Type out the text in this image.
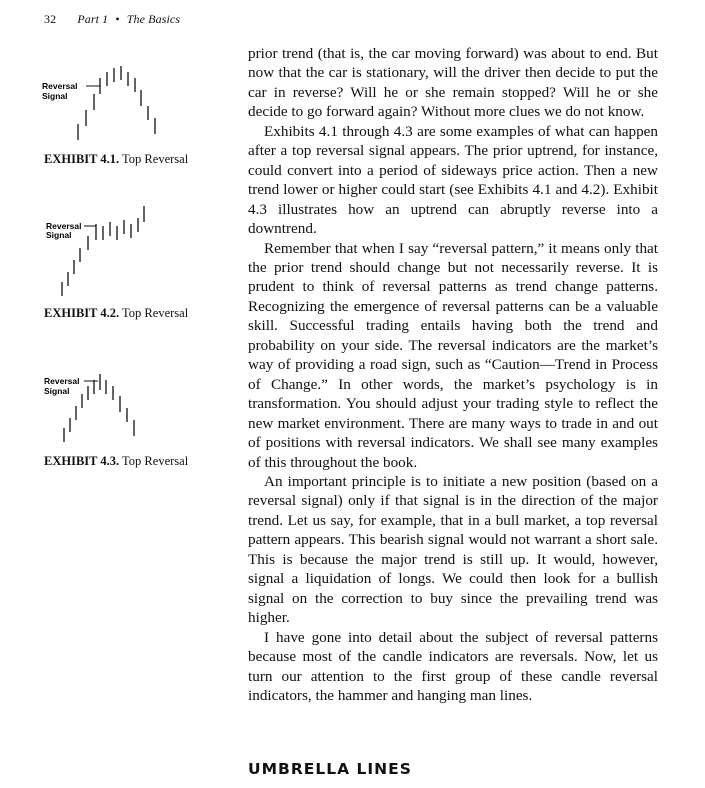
32 Part 1 • The Basics
Reversal
Signal
EXHIBIT 4.1. Top Reversal
Reversal
Signal
EXHIBIT 4.2. Top Reversal
Reversal
Signal
EXHIBIT 4.3. Top Reversal

prior trend (that is, the car moving forward) was about to end. But now that the car is stationary, will the driver then decide to put the car in reverse? Will he or she remain stopped? Will he or she decide to go forward again? Without more clues we do not know.

Exhibits 4.1 through 4.3 are some examples of what can happen after a top reversal signal appears. The prior uptrend, for instance, could convert into a period of sideways price action. Then a new trend lower or higher could start (see Exhibits 4.1 and 4.2). Exhibit 4.3 illustrates how an uptrend can abruptly reverse into a downtrend.

Remember that when I say “reversal pattern,” it means only that the prior trend should change but not necessarily reverse. It is prudent to think of reversal patterns as trend change patterns. Recognizing the emergence of reversal patterns can be a valuable skill. Successful trading entails having both the trend and probability on your side. The reversal indicators are the market’s way of providing a road sign, such as “Caution—Trend in Process of Change.” In other words, the market’s psychology is in transformation. You should adjust your trading style to reflect the new market environment. There are many ways to trade in and out of positions with reversal indicators. We shall see many examples of this throughout the book.

An important principle is to initiate a new position (based on a reversal signal) only if that signal is in the direction of the major trend. Let us say, for example, that in a bull market, a top reversal pattern appears. This bearish signal would not warrant a short sale. This is because the major trend is still up. It would, however, signal a liquidation of longs. We could then look for a bullish signal on the correction to buy since the prevailing trend was higher.

I have gone into detail about the subject of reversal patterns because most of the candle indicators are reversals. Now, let us turn our attention to the first group of these candle reversal indicators, the hammer and hanging man lines.

UMBRELLA LINES
